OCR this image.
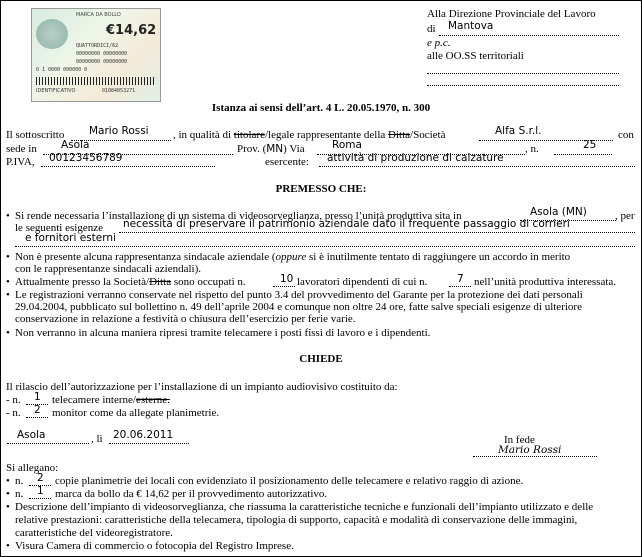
MARCA DA BOLLO
€14,62
QUATTORDICI/62
00000000 00000000
00000000 00000000
0 1 0000 000000 0
IDENTIFICATIVO	01084053271
Alla Direzione Provinciale del Lavoro
di Mantova
e p.c.
alle OO.SS territoriali
Istanza ai sensi dell’art. 4 L. 20.05.1970, n. 300
Il sottoscritto Mario Rossi , in qualità di titolare/legale rappresentante della Ditta/Società	Alfa S.r.l.	con
sede in Asola	Prov. (MN) Via	Roma	, n.	25
P.IVA, 00123456789	esercente: attività di produzione di calzature
PREMESSO CHE:
• Si rende necessaria l’installazione di un sistema di videosorveglianza, presso l’unità produttiva sita in	Asola (MN)	, per
le seguenti esigenze necessità di preservare il patrimonio aziendale dato il frequente passaggio di corrieri
e fornitori esterni
• Non è presente alcuna rappresentanza sindacale aziendale (oppure si è inutilmente tentato di raggiungere un accordo in merito
con le rappresentanze sindacali aziendali).
• Attualmente presso la Società/Ditta sono occupati n.	10 lavoratori dipendenti di cui n.	7 nell’unità produttiva interessata.
• Le registrazioni verranno conservate nel rispetto del punto 3.4 del provvedimento del Garante per la protezione dei dati personali
29.04.2004, pubblicato sul bollettino n. 49 dell’aprile 2004 e comunque non oltre 24 ore, fatte salve speciali esigenze di ulteriore
conservazione in relazione a festività o chiusura dell’esercizio per ferie varie.
• Non verranno in alcuna maniera ripresi tramite telecamere i posti fissi di lavoro e i dipendenti.
CHIEDE
Il rilascio dell’autorizzazione per l’installazione di un impianto audiovisivo costituito da:
- n. 1 telecamere interne/esterne.
- n. 2 monitor come da allegate planimetrie.
Asola	, lì 20.06.2011	In fede
Mario Rossi
Si allegano:
• n. 2 copie planimetrie dei locali con evidenziato il posizionamento delle telecamere e relativo raggio di azione.
• n. 1 marca da bollo da € 14,62 per il provvedimento autorizzativo.
• Descrizione dell’impianto di videosorveglianza, che riassuma la caratteristiche tecniche e funzionali dell’impianto utilizzato e delle
relative prestazioni: caratteristiche della telecamera, tipologia di supporto, capacità e modalità di conservazione delle immagini,
caratteristiche del videoregistratore.
• Visura Camera di commercio o fotocopia del Registro Imprese.
